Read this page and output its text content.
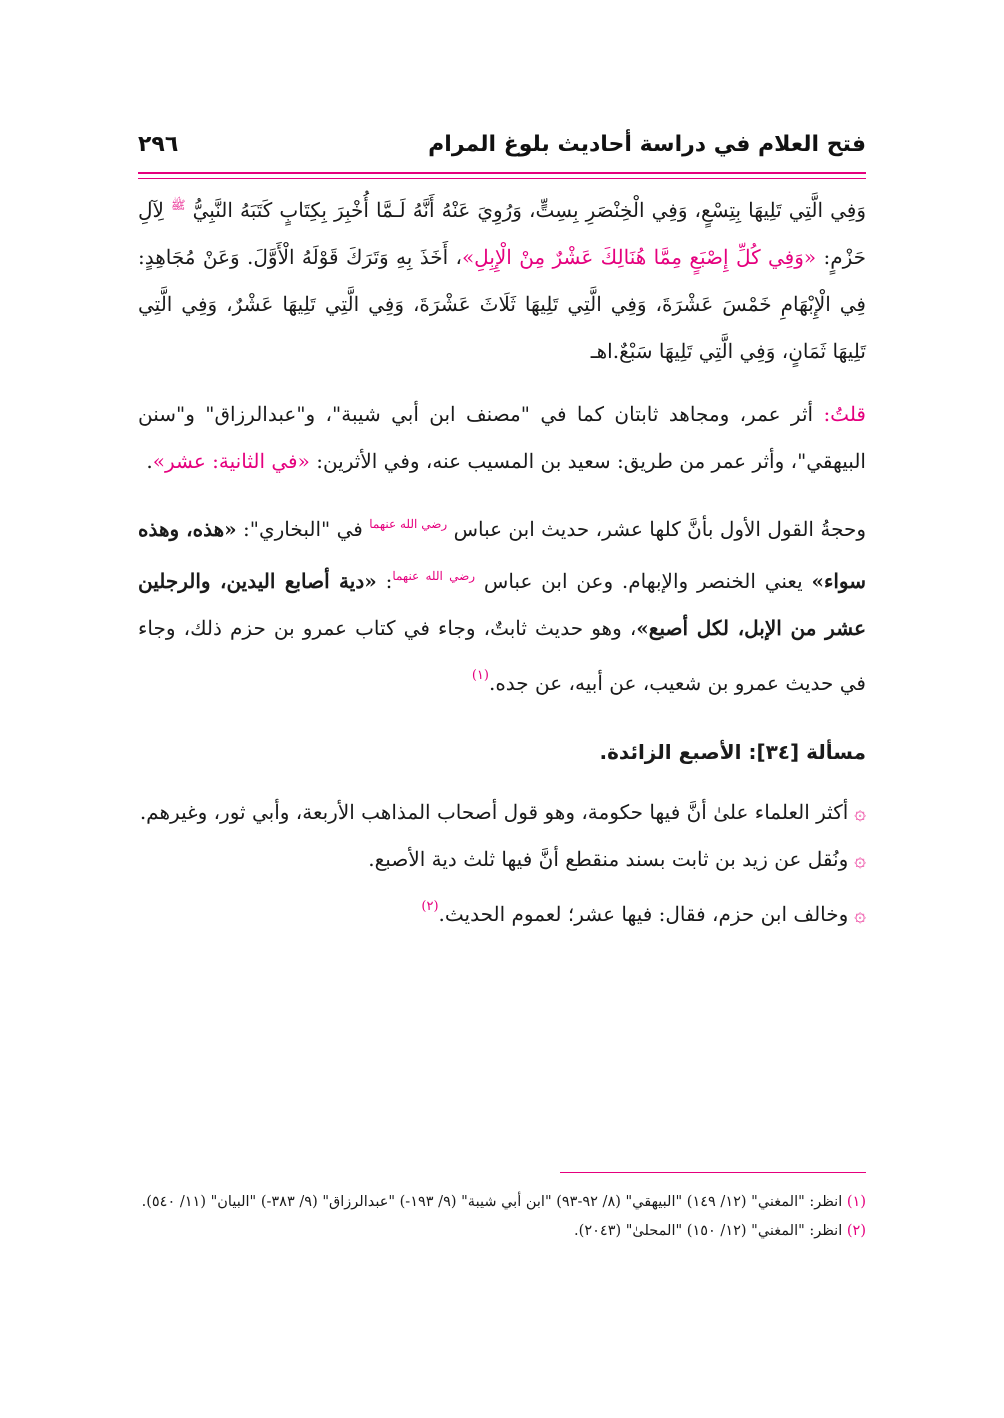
فتح العلام في دراسة أحاديث بلوغ المرام
٢٩٦

وَفِي الَّتِي تَلِيهَا بِتِسْعٍ، وَفِي الْخِنْصَرِ بِسِتٍّ، وَرُوِيَ عَنْهُ أَنَّهُ لَـمَّا أُخْبِرَ بِكِتَابٍ كَتَبَهُ النَّبِيُّ $^ﷺ$ لِآلِ حَزْمٍ: «وَفِي كُلِّ إِصْبَعٍ مِمَّا هُنَالِكَ عَشْرٌ مِنْ الْإِبِلِ»، أَخَذَ بِهِ وَتَرَكَ قَوْلَهُ الْأَوَّلَ. وَعَنْ مُجَاهِدٍ: فِي الْإِبْهَامِ خَمْسَ عَشْرَةَ، وَفِي الَّتِي تَلِيهَا ثَلَاثَ عَشْرَةَ، وَفِي الَّتِي تَلِيهَا عَشْرٌ، وَفِي الَّتِي تَلِيهَا ثَمَانٍ، وَفِي الَّتِي تَلِيهَا سَبْعٌ.اهـ

قلتُ: أثر عمر، ومجاهد ثابتان كما في "مصنف ابن أبي شيبة"، و"عبدالرزاق" و"سنن البيهقي"، وأثر عمر من طريق: سعيد بن المسيب عنه، وفي الأثرين: «في الثانية: عشر».

وحجةُ القول الأول بأنَّ كلها عشر، حديث ابن عباس $^{رضي الله عنهما}$ في "البخاري": «هذه، وهذه سواء» يعني الخنصر والإبهام. وعن ابن عباس $^{رضي الله عنهما}$: «دية أصابع اليدين، والرجلين عشر من الإبل، لكل أصبع»، وهو حديث ثابتٌ، وجاء في كتاب عمرو بن حزم ذلك، وجاء في حديث عمرو بن شعيب، عن أبيه، عن جده.$^{(١)}$

مسألة [٣٤]: الأصبع الزائدة.

۞أكثر العلماء علىٰ أنَّ فيها حكومة، وهو قول أصحاب المذاهب الأربعة، وأبي ثور، وغيرهم.

۞ونُقل عن زيد بن ثابت بسند منقطع أنَّ فيها ثلث دية الأصبع.

۞وخالف ابن حزم، فقال: فيها عشر؛ لعموم الحديث.$^{(٢)}$

(١) انظر: "المغني" (١٢/ ١٤٩) "البيهقي" (٨/ ٩٢-٩٣) "ابن أبي شيبة" (٩/ ١٩٣-) "عبدالرزاق" (٩/ ٣٨٣-) "البيان" (١١/ ٥٤٠).

(٢) انظر: "المغني" (١٢/ ١٥٠) "المحلىٰ" (٢٠٤٣).
